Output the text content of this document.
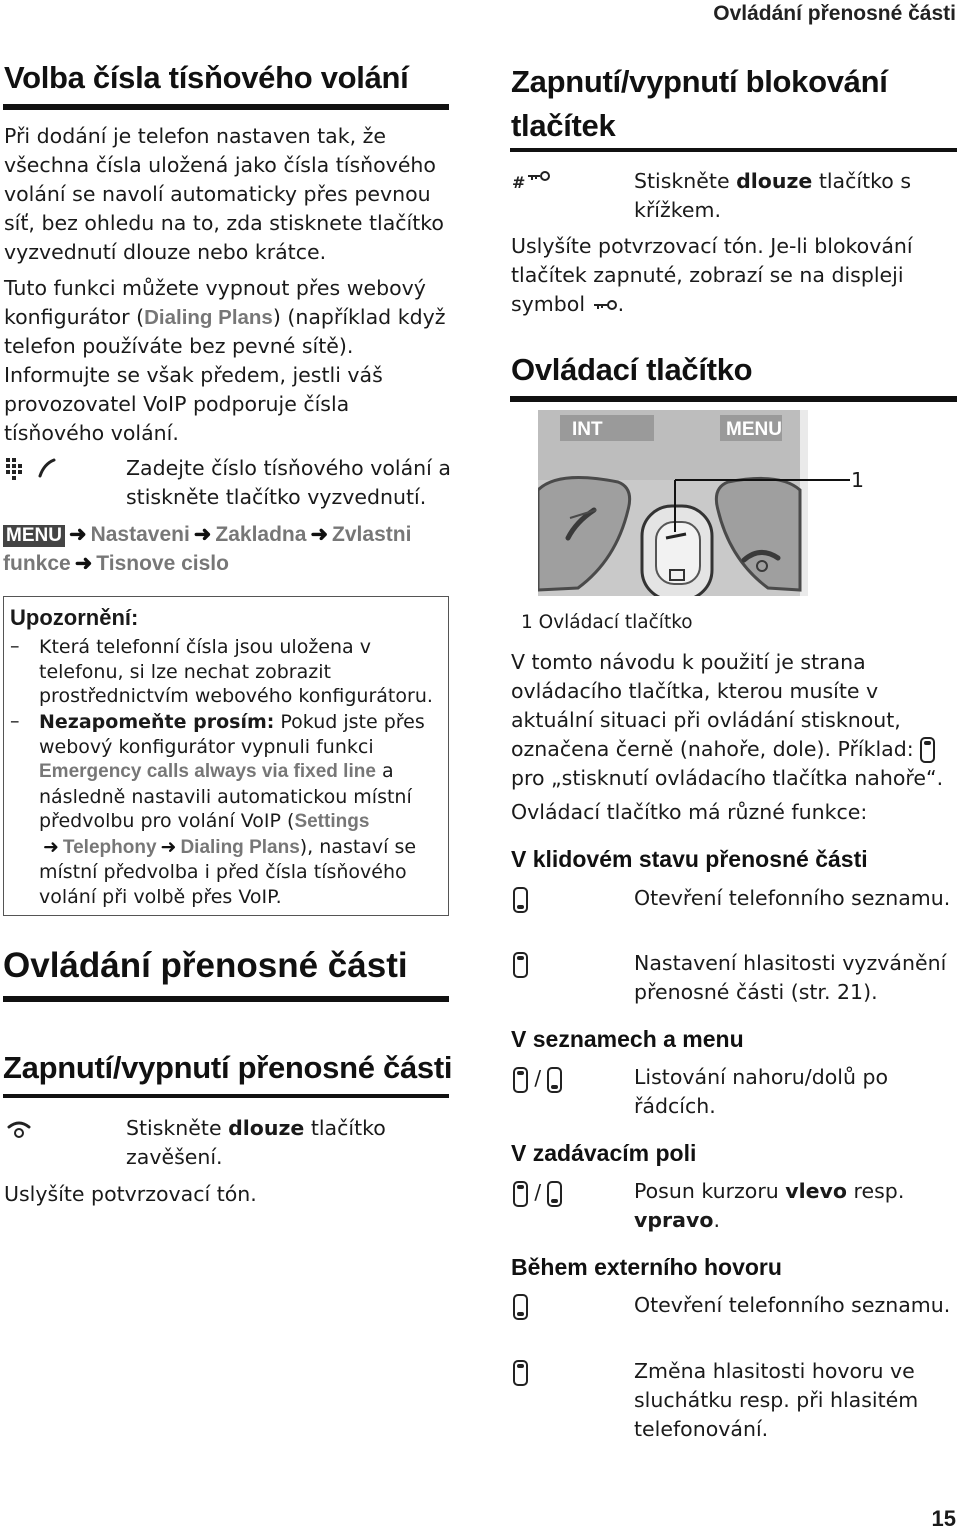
Ovládání přenosné části
Volba čísla tísňového volání
Při dodání je telefon nastaven tak, že všechna čísla uložená jako čísla tísňového volání se navolí automaticky přes pevnou síť, bez ohledu na to, zda stisknete tlačítko vyzvednutí dlouze nebo krátce.
Tuto funkci můžete vypnout přes webový konfigurátor (Dialing Plans) (například když telefon používáte bez pevné sítě). Informujte se však předem, jestli váš provozovatel VoIP podporuje čísla tísňového volání.
Zadejte číslo tísňového volání a stiskněte tlačítko vyzvednutí.
MENU ➜ Nastaveni ➜ Zakladna ➜ Zvlastni funkce ➜ Tisnove cislo
Upozornění:
– Která telefonní čísla jsou uložena v telefonu, si lze nechat zobrazit prostřednictvím webového konfigurátoru.
– Nezapomeňte prosím: Pokud jste přes webový konfigurátor vypnuli funkci Emergency calls always via fixed line a následně nastavili automatickou místní předvolbu pro volání VoIP (Settings
➜ Telephony ➜ Dialing Plans), nastaví se místní předvolba i před čísla tísňového volání při volbě přes VoIP.
Ovládání přenosné části
Zapnutí/vypnutí přenosné části
Stiskněte dlouze tlačítko zavěšení.
Uslyšíte potvrzovací tón.
Zapnutí/vypnutí blokování tlačítek
#	Stiskněte dlouze tlačítko s křížkem.
Uslyšíte potvrzovací tón. Je-li blokování tlačítek zapnuté, zobrazí se na displeji symbol .
Ovládací tlačítko
INT	MENU
1
1 Ovládací tlačítko
V tomto návodu k použití je strana ovládacího tlačítka, kterou musíte v aktuální situaci při ovládání stisknout, označena černě (nahoře, dole). Příklad:  pro „stisknutí ovládacího tlačítka nahoře“.
Ovládací tlačítko má různé funkce:
V klidovém stavu přenosné části
Otevření telefonního seznamu.
Nastavení hlasitosti vyzvánění přenosné části (str. 21).
V seznamech a menu
/	Listování nahoru/dolů po řádcích.
V zadávacím poli
/	Posun kurzoru vlevo resp. vpravo.
Během externího hovoru
Otevření telefonního seznamu.
Změna hlasitosti hovoru ve sluchátku resp. při hlasitém telefonování.
15
